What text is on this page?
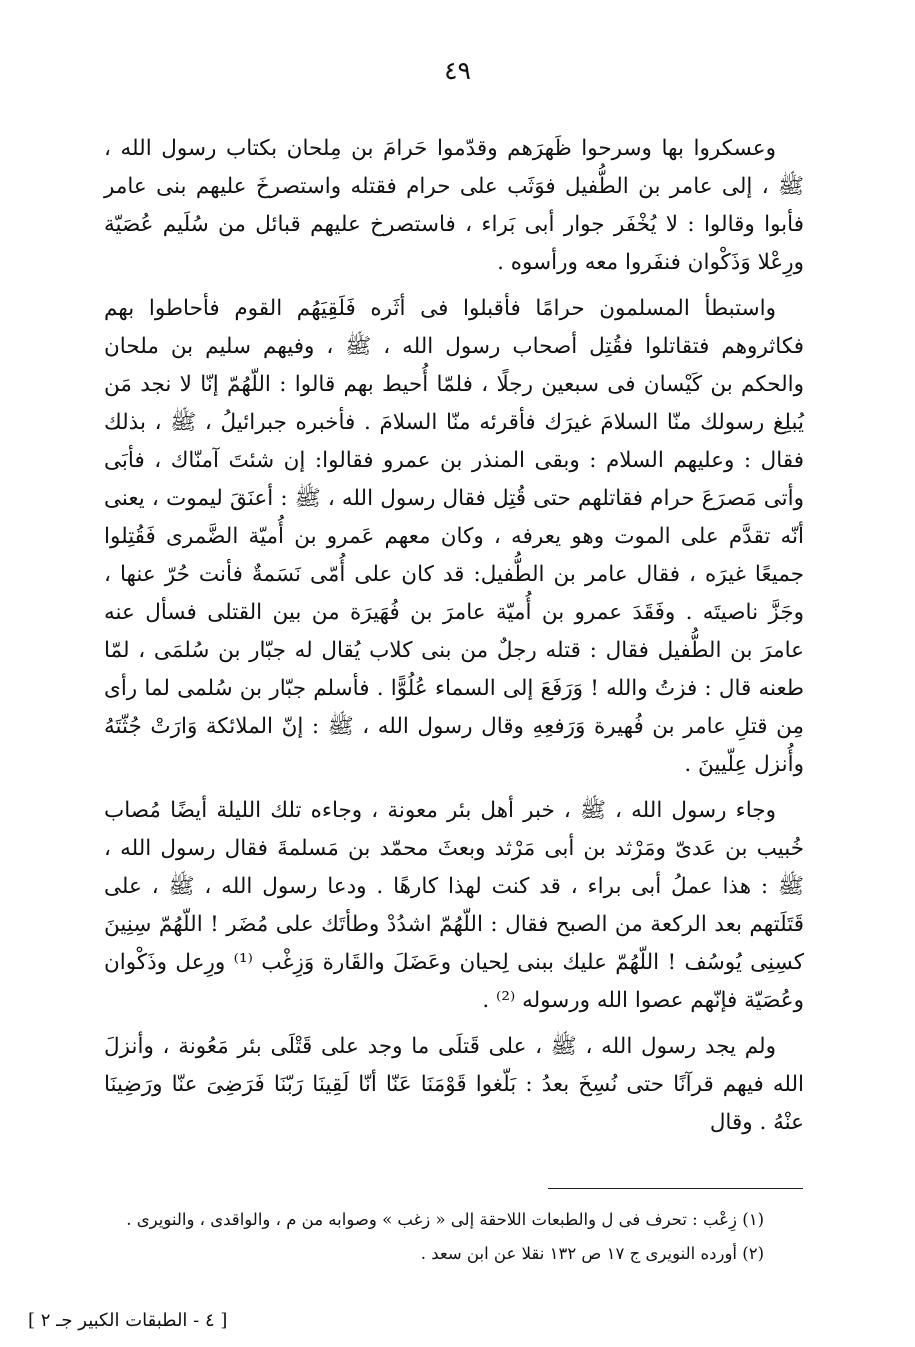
٤٩

وعسكروا بها وسرحوا ظَهرَهم وقدّموا حَرامَ بن مِلحان بكتاب رسول الله ، ﷺ ، إلى عامر بن الطُّفيل فوَثَب على حرام فقتله واستصرخَ عليهم بنى عامر فأبوا وقالوا : لا يُخْفَر جوار أبى بَراء ، فاستصرخ عليهم قبائل من سُلَيم عُصَيّة ورِعْلا وَذَكْوان فنفَروا معه ورأسوه .

واستبطأ المسلمون حرامًا فأقبلوا فى أثَره فَلَقِيَهُم القوم فأحاطوا بهم فكاثروهم فتقاتلوا فقُتِل أصحاب رسول الله ، ﷺ ، وفيهم سليم بن ملحان والحكم بن كَيْسان فى سبعين رجلًا ، فلمّا أُحيط بهم قالوا : اللّهُمّ إنّا لا نجد مَن يُبلِغ رسولك منّا السلامَ غيرَك فأقرئه منّا السلامَ . فأخبره جبرائيلُ ، ﷺ ، بذلك فقال : وعليهم السلام : وبقى المنذر بن عمرو فقالوا: إن شئتَ آمنّاك ، فأبَى وأتى مَصرَعَ حرام فقاتلهم حتى قُتِل فقال رسول الله ، ﷺ : أعنَقَ ليموت ، يعنى أنّه تقدَّم على الموت وهو يعرفه ، وكان معهم عَمرو بن أُميّة الضَّمرى فَقُتِلوا جميعًا غيرَه ، فقال عامر بن الطُّفيل: قد كان على أُمّى نَسَمةٌ فأنت حُرّ عنها ، وجَزَّ ناصيتَه . وفَقَدَ عمرو بن أُميّة عامرَ بن فُهَيرَة من بين القتلى فسأل عنه عامرَ بن الطُّفيل فقال : قتله رجلٌ من بنى كلاب يُقال له جبّار بن سُلمَى ، لمّا طعنه قال : فزتُ والله ! وَرَفَعَ إلى السماء عُلُوًّا . فأسلم جبّار بن سُلمى لما رأى مِن قتلِ عامر بن فُهيرة وَرَفعِهِ وقال رسول الله ، ﷺ : إنّ الملائكة وَارَتْ جُثّتَهُ وأُنزل عِلّيينَ .

وجاء رسول الله ، ﷺ ، خبر أهل بئر معونة ، وجاءه تلك الليلة أيضًا مُصاب خُبيب بن عَدىّ ومَرْثد بن أبى مَرْثد وبعثَ محمّد بن مَسلمةَ فقال رسول الله ، ﷺ : هذا عملُ أبى براء ، قد كنت لهذا كارهًا . ودعا رسول الله ، ﷺ ، على قَتَلَتهم بعد الركعة من الصبح فقال : اللّهُمّ اشدُدْ وطأتَك على مُضَر ! اللّهُمّ سِنِينَ كسِنِى يُوسُف ! اللّهُمّ عليك ببنى لِحيان وعَضَلَ والقَارة وَزِغْب ⁽¹⁾ ورِعل وذَكْوان وعُصَيّة فإنّهم عصوا الله ورسوله ⁽²⁾ .

ولم يجد رسول الله ، ﷺ ، على قَتلَى ما وجد على قَتْلَى بئر مَعُونة ، وأنزلَ الله فيهم قرآنًا حتى نُسِخَ بعدُ : بَلّغوا قَوْمَنَا عَنّا أنّا لَقِينَا رَبّنَا فَرَضِىَ عنّا ورَضِينَا عنْهُ . وقال

(١) زِعْب : تحرف فى ل والطبعات اللاحقة إلى « زغب » وصوابه من م ، والواقدى ، والنويرى .

(٢) أورده النويرى ج ١٧ ص ١٣٢ نقلا عن ابن سعد .

[ ٤ - الطبقات الكبير جـ ٢ ]
